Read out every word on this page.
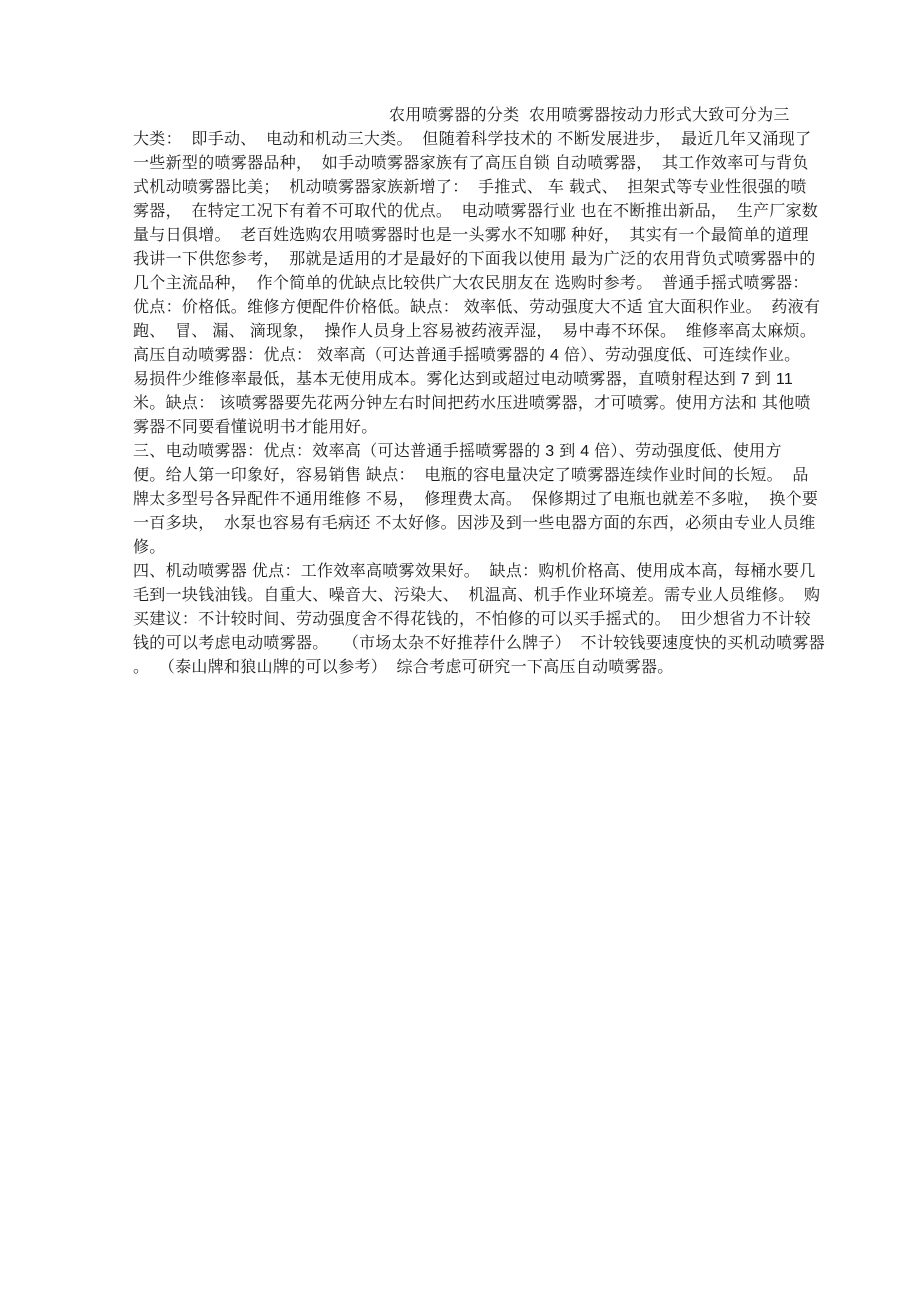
农用喷雾器的分类  农用喷雾器按动力形式大致可分为三
大类：  即手动、  电动和机动三大类。  但随着科学技术的 不断发展进步，  最近几年又涌现了
一些新型的喷雾器品种，  如手动喷雾器家族有了高压自锁 自动喷雾器，  其工作效率可与背负
式机动喷雾器比美；  机动喷雾器家族新增了：  手推式、 车 载式、  担架式等专业性很强的喷
雾器，  在特定工况下有着不可取代的优点。  电动喷雾器行业 也在不断推出新品，  生产厂家数
量与日俱增。  老百姓选购农用喷雾器时也是一头雾水不知哪 种好，  其实有一个最简单的道理
我讲一下供您参考，  那就是适用的才是最好的下面我以使用 最为广泛的农用背负式喷雾器中的
几个主流品种，  作个简单的优缺点比较供广大农民朋友在 选购时参考。  普通手摇式喷雾器：
优点：价格低。维修方便配件价格低。缺点： 效率低、劳动强度大不适 宜大面积作业。  药液有
跑、  冒、 漏、 滴现象，  操作人员身上容易被药液弄湿，  易中毒不环保。  维修率高太麻烦。
高压自动喷雾器：优点： 效率高（可达普通手摇喷雾器的 4 倍）、劳动强度低、可连续作业。
易损件少维修率最低，基本无使用成本。雾化达到或超过电动喷雾器，直喷射程达到 7 到 11
米。缺点： 该喷雾器要先花两分钟左右时间把药水压进喷雾器，才可喷雾。使用方法和 其他喷
雾器不同要看懂说明书才能用好。
三、电动喷雾器：优点：效率高（可达普通手摇喷雾器的 3 到 4 倍）、劳动强度低、使用方
便。给人第一印象好，容易销售 缺点：  电瓶的容电量决定了喷雾器连续作业时间的长短。  品
牌太多型号各异配件不通用维修 不易，  修理费太高。  保修期过了电瓶也就差不多啦，  换个要
一百多块，  水泵也容易有毛病还 不太好修。因涉及到一些电器方面的东西，必须由专业人员维
修。
四、机动喷雾器 优点：工作效率高喷雾效果好。  缺点：购机价格高、使用成本高，每桶水要几
毛到一块钱油钱。自重大、噪音大、污染大、  机温高、机手作业环境差。需专业人员维修。  购
买建议：不计较时间、劳动强度舍不得花钱的，不怕修的可以买手摇式的。  田少想省力不计较
钱的可以考虑电动喷雾器。   （市场太杂不好推荐什么牌子）  不计较钱要速度快的买机动喷雾器
。  （泰山牌和狼山牌的可以参考）  综合考虑可研究一下高压自动喷雾器。
